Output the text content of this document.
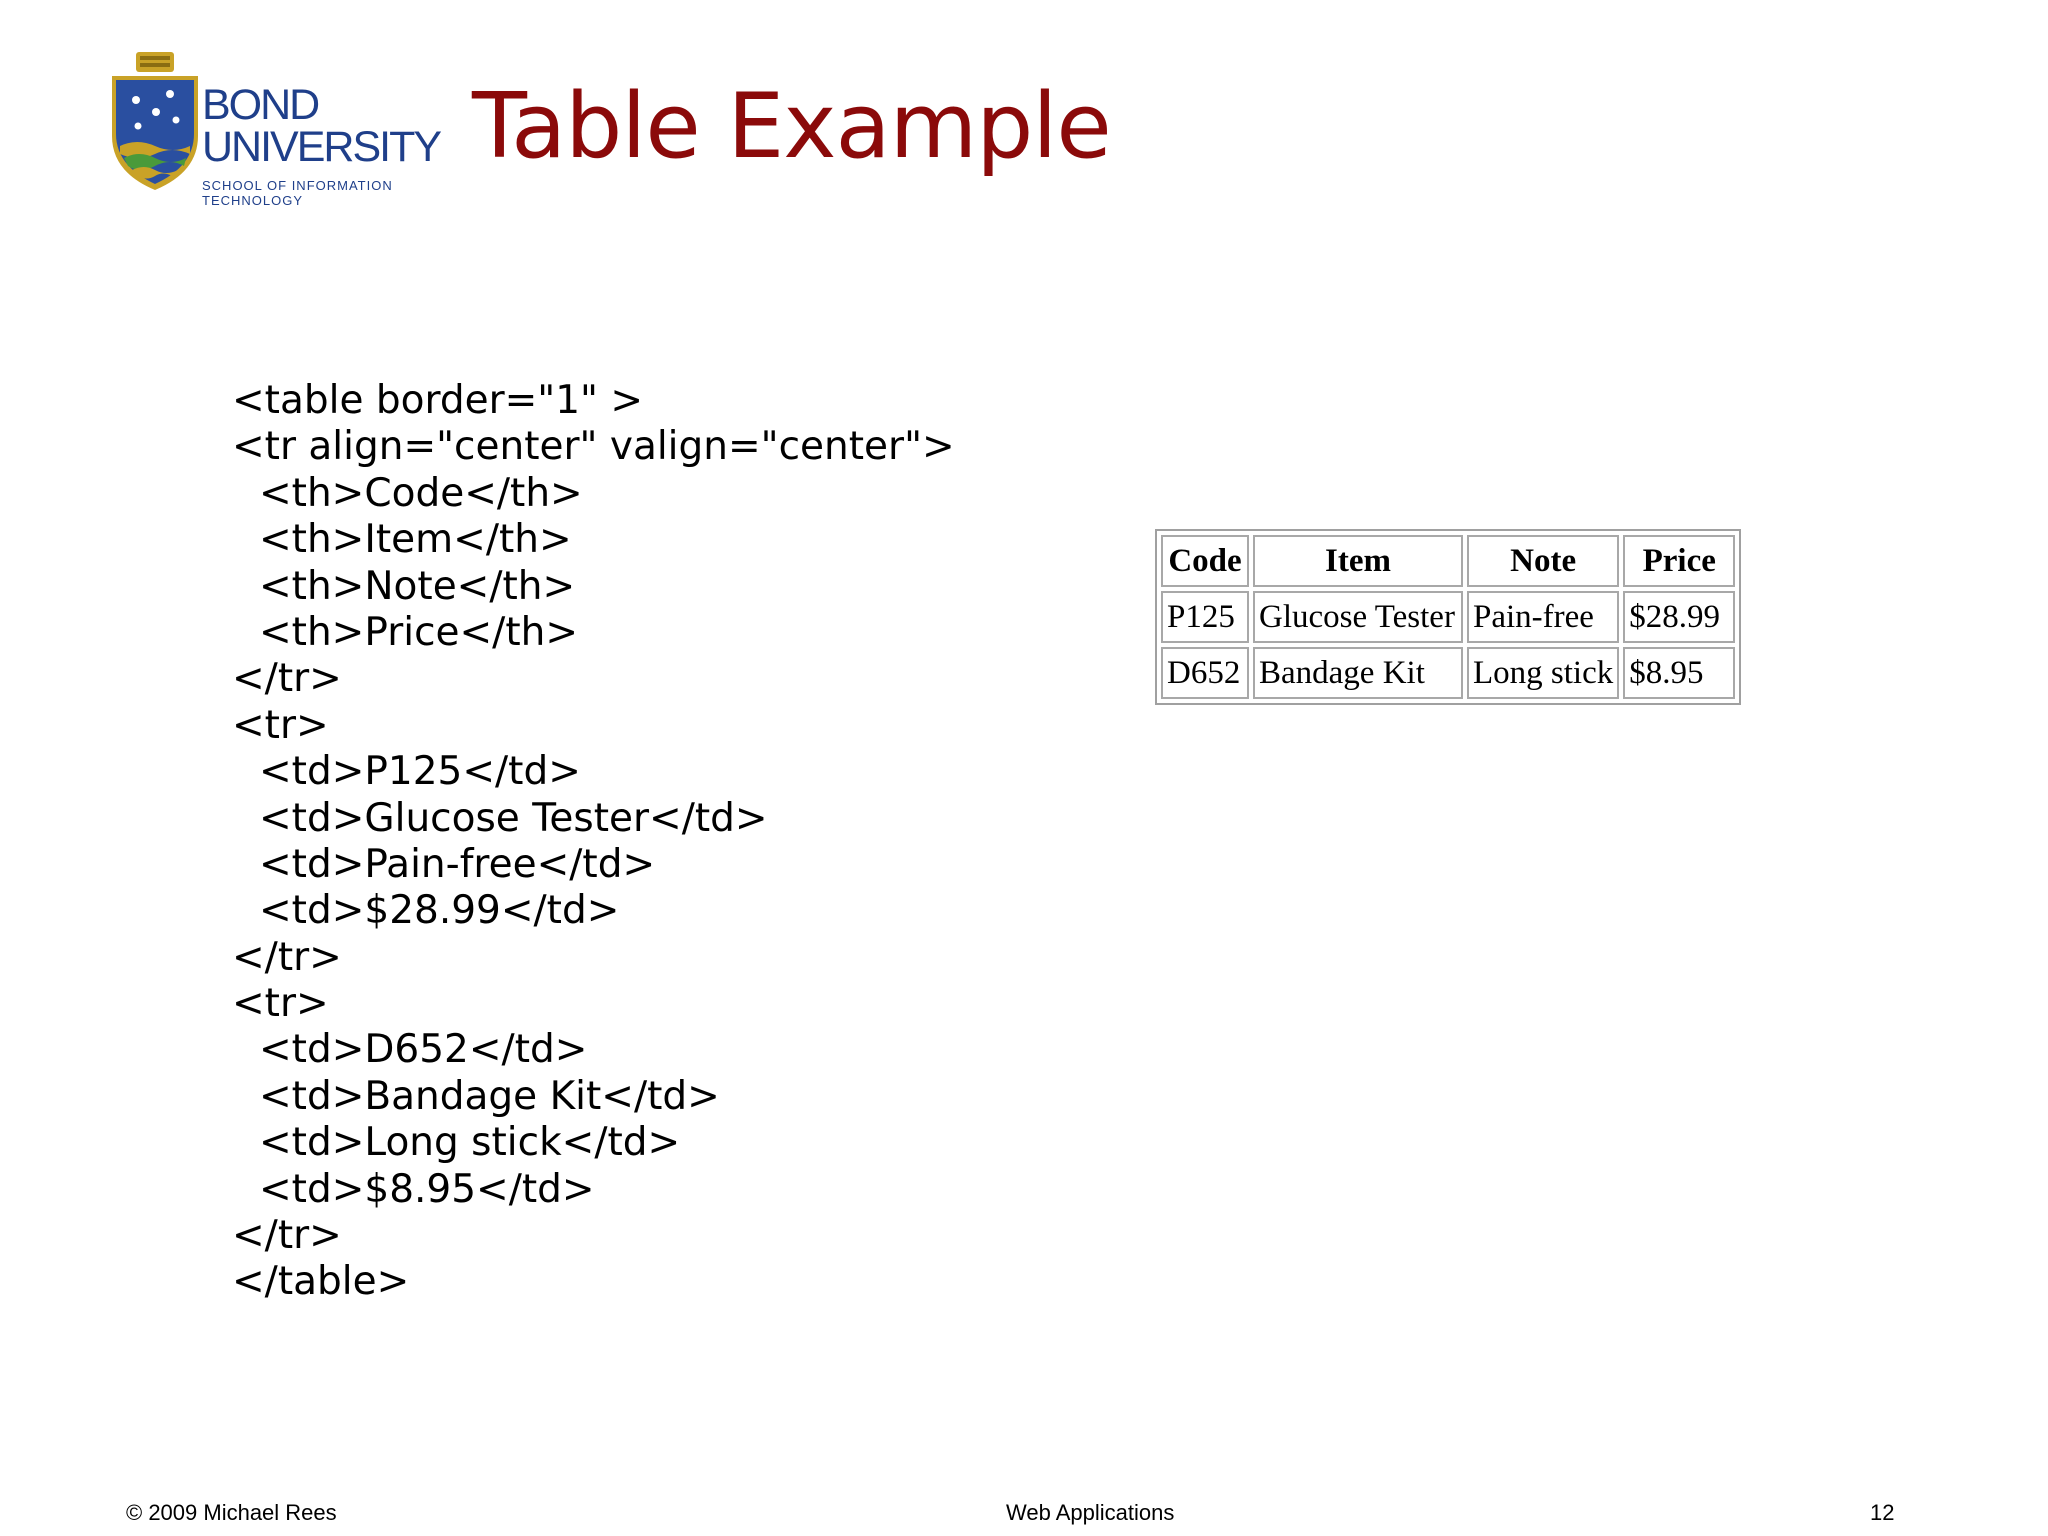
BOND
UNIVERSITY
SCHOOL OF INFORMATION
TECHNOLOGY
Table Example
<table border="1" >
<tr align="center" valign="center">
<th>Code</th>
<th>Item</th>
<th>Note</th>
<th>Price</th>
</tr>
<tr>
<td>P125</td>
<td>Glucose Tester</td>
<td>Pain-free</td>
<td>$28.99</td>
</tr>
<tr>
<td>D652</td>
<td>Bandage Kit</td>
<td>Long stick</td>
<td>$8.95</td>
</tr>
</table>
Code	Item	Note	Price
P125	Glucose Tester	Pain-free	$28.99
D652	Bandage Kit	Long stick	$8.95
© 2009 Michael Rees	Web Applications	12
